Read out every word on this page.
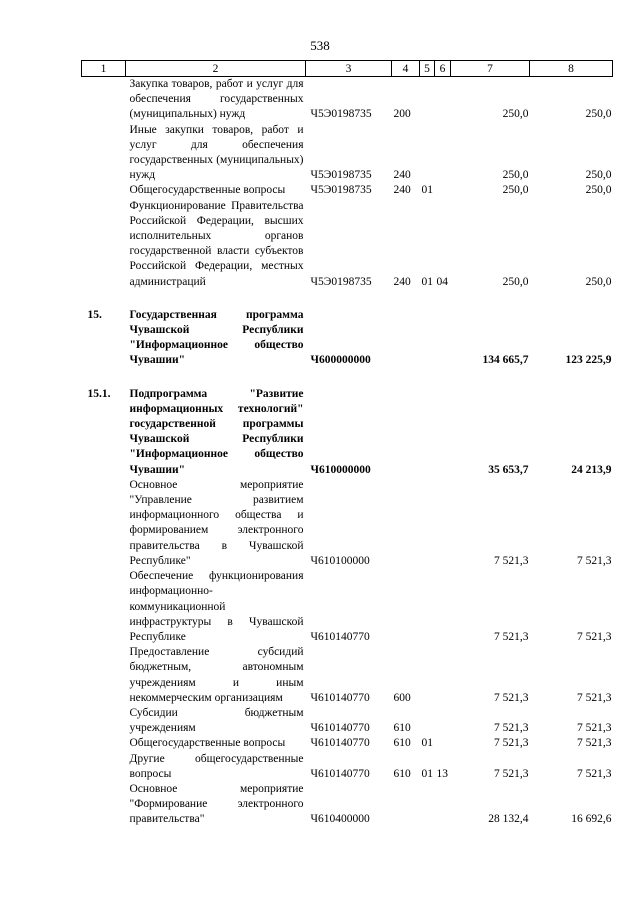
538
1	2	3	4	5	6	7	8
	Закупка товаров, работ и услуг для обеспечения государственных (муниципальных) нужд	Ч5Э0198735	200			250,0	250,0
	Иные закупки товаров, работ и услуг для обеспечения государственных (муниципальных) нужд	Ч5Э0198735	240			250,0	250,0
	Общегосударственные вопросы	Ч5Э0198735	240	01		250,0	250,0
	Функционирование Правительства Российской Федерации, высших исполнительных органов государственной власти субъектов Российской Федерации, местных администраций	Ч5Э0198735	240	01	04	250,0	250,0

15.	Государственная программа Чувашской Республики "Информационное общество Чувашии"	Ч600000000				134 665,7	123 225,9

15.1.	Подпрограмма "Развитие информационных технологий" государственной программы Чувашской Республики "Информационное общество Чувашии"	Ч610000000				35 653,7	24 213,9
	Основное мероприятие "Управление развитием информационного общества и формированием электронного правительства в Чувашской Республике"	Ч610100000				7 521,3	7 521,3
	Обеспечение функционирования информационно-коммуникационной инфраструктуры в Чувашской Республике	Ч610140770				7 521,3	7 521,3
	Предоставление субсидий бюджетным, автономным учреждениям и иным некоммерческим организациям	Ч610140770	600			7 521,3	7 521,3
	Субсидии бюджетным учреждениям	Ч610140770	610			7 521,3	7 521,3
	Общегосударственные вопросы	Ч610140770	610	01		7 521,3	7 521,3
	Другие общегосударственные вопросы	Ч610140770	610	01	13	7 521,3	7 521,3
	Основное мероприятие "Формирование электронного правительства"	Ч610400000				28 132,4	16 692,6
